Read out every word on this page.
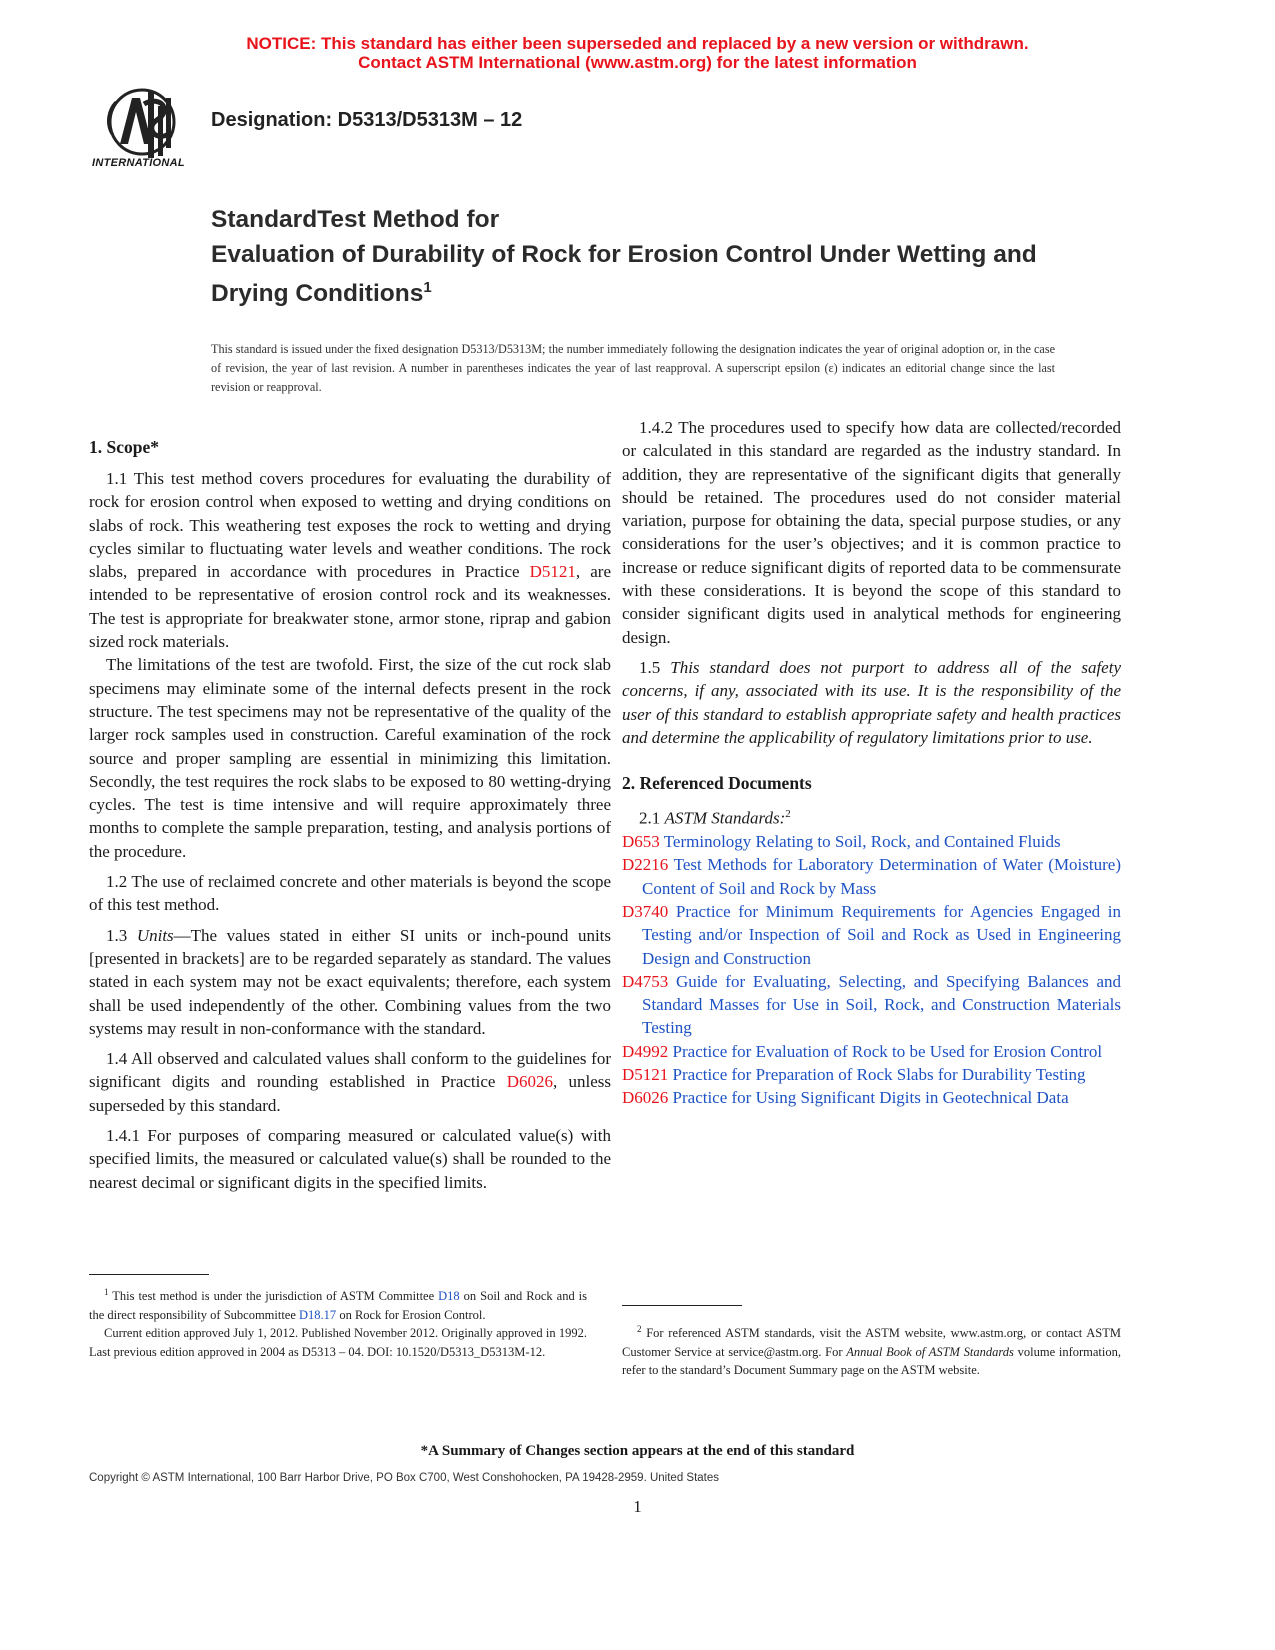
NOTICE: This standard has either been superseded and replaced by a new version or withdrawn.
Contact ASTM International (www.astm.org) for the latest information
INTERNATIONAL
Designation: D5313/D5313M – 12
StandardTest Method for
Evaluation of Durability of Rock for Erosion Control Under Wetting and Drying Conditions$^1$
This standard is issued under the fixed designation D5313/D5313M; the number immediately following the designation indicates the year of original adoption or, in the case of revision, the year of last revision. A number in parentheses indicates the year of last reapproval. A superscript epsilon (ε) indicates an editorial change since the last revision or reapproval.
1. Scope*

1.1 This test method covers procedures for evaluating the durability of rock for erosion control when exposed to wetting and drying conditions on slabs of rock. This weathering test exposes the rock to wetting and drying cycles similar to fluctuating water levels and weather conditions. The rock slabs, prepared in accordance with procedures in Practice D5121, are intended to be representative of erosion control rock and its weaknesses. The test is appropriate for breakwater stone, armor stone, riprap and gabion sized rock materials.

The limitations of the test are twofold. First, the size of the cut rock slab specimens may eliminate some of the internal defects present in the rock structure. The test specimens may not be representative of the quality of the larger rock samples used in construction. Careful examination of the rock source and proper sampling are essential in minimizing this limitation. Secondly, the test requires the rock slabs to be exposed to 80 wetting-drying cycles. The test is time intensive and will require approximately three months to complete the sample preparation, testing, and analysis portions of the procedure.

1.2 The use of reclaimed concrete and other materials is beyond the scope of this test method.

1.3 Units—The values stated in either SI units or inch-pound units [presented in brackets] are to be regarded separately as standard. The values stated in each system may not be exact equivalents; therefore, each system shall be used independently of the other. Combining values from the two systems may result in non-conformance with the standard.

1.4 All observed and calculated values shall conform to the guidelines for significant digits and rounding established in Practice D6026, unless superseded by this standard.

1.4.1 For purposes of comparing measured or calculated value(s) with specified limits, the measured or calculated value(s) shall be rounded to the nearest decimal or significant digits in the specified limits.

$^1$ This test method is under the jurisdiction of ASTM Committee D18 on Soil and Rock and is the direct responsibility of Subcommittee D18.17 on Rock for Erosion Control.

Current edition approved July 1, 2012. Published November 2012. Originally approved in 1992. Last previous edition approved in 2004 as D5313 – 04. DOI: 10.1520/D5313_D5313M-12.

1.4.2 The procedures used to specify how data are collected/recorded or calculated in this standard are regarded as the industry standard. In addition, they are representative of the significant digits that generally should be retained. The procedures used do not consider material variation, purpose for obtaining the data, special purpose studies, or any considerations for the user’s objectives; and it is common practice to increase or reduce significant digits of reported data to be commensurate with these considerations. It is beyond the scope of this standard to consider significant digits used in analytical methods for engineering design.

1.5 This standard does not purport to address all of the safety concerns, if any, associated with its use. It is the responsibility of the user of this standard to establish appropriate safety and health practices and determine the applicability of regulatory limitations prior to use.

2. Referenced Documents

2.1 ASTM Standards:$^2$

D653 Terminology Relating to Soil, Rock, and Contained Fluids
D2216 Test Methods for Laboratory Determination of Water (Moisture) Content of Soil and Rock by Mass
D3740 Practice for Minimum Requirements for Agencies Engaged in Testing and/or Inspection of Soil and Rock as Used in Engineering Design and Construction
D4753 Guide for Evaluating, Selecting, and Specifying Balances and Standard Masses for Use in Soil, Rock, and Construction Materials Testing
D4992 Practice for Evaluation of Rock to be Used for Erosion Control
D5121 Practice for Preparation of Rock Slabs for Durability Testing
D6026 Practice for Using Significant Digits in Geotechnical Data

$^2$ For referenced ASTM standards, visit the ASTM website, www.astm.org, or contact ASTM Customer Service at service@astm.org. For Annual Book of ASTM Standards volume information, refer to the standard’s Document Summary page on the ASTM website.

*A Summary of Changes section appears at the end of this standard
Copyright © ASTM International, 100 Barr Harbor Drive, PO Box C700, West Conshohocken, PA 19428-2959. United States
1
